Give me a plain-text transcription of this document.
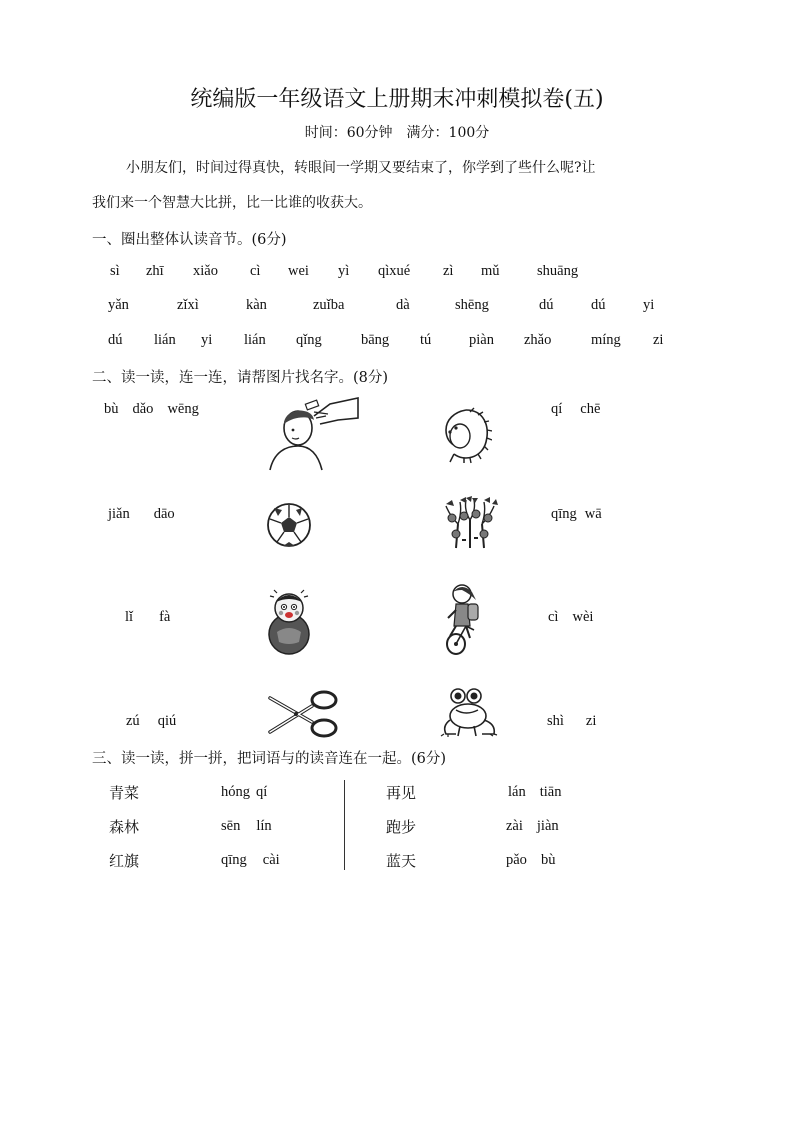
统编版一年级语文上册期末冲刺模拟卷(五)
时间：60分钟　满分：100分
小朋友们，时间过得真快，转眼间一学期又要结束了，你学到了些什么呢?让
我们来一个智慧大比拼，比一比谁的收获大。
一、圈出整体认读音节。(6分)
sì zhī xiǎo cì wei yì qìxué zì mǔ	shuāng
yǎn	zǐxì	kàn	zuǐba	dà	shēng	dú	dú	yi
dú lián yi lián qǐng	bāng tú	piàn zhǎo	míng zi
二、读一读，连一连，请帮图片找名字。(8分)
bù dǎo wēng
jiǎn dāo
lǐ fà
zú qiú
qí chē
qīng wā
cì wèi
shì zi
三、读一读，拼一拼，把词语与的读音连在一起。(6分)
青菜
森林
红旗
hóng qí
sēn lín
qīng cài
再见
跑步
蓝天
lán tiān
zài jiàn
pǎo bù
